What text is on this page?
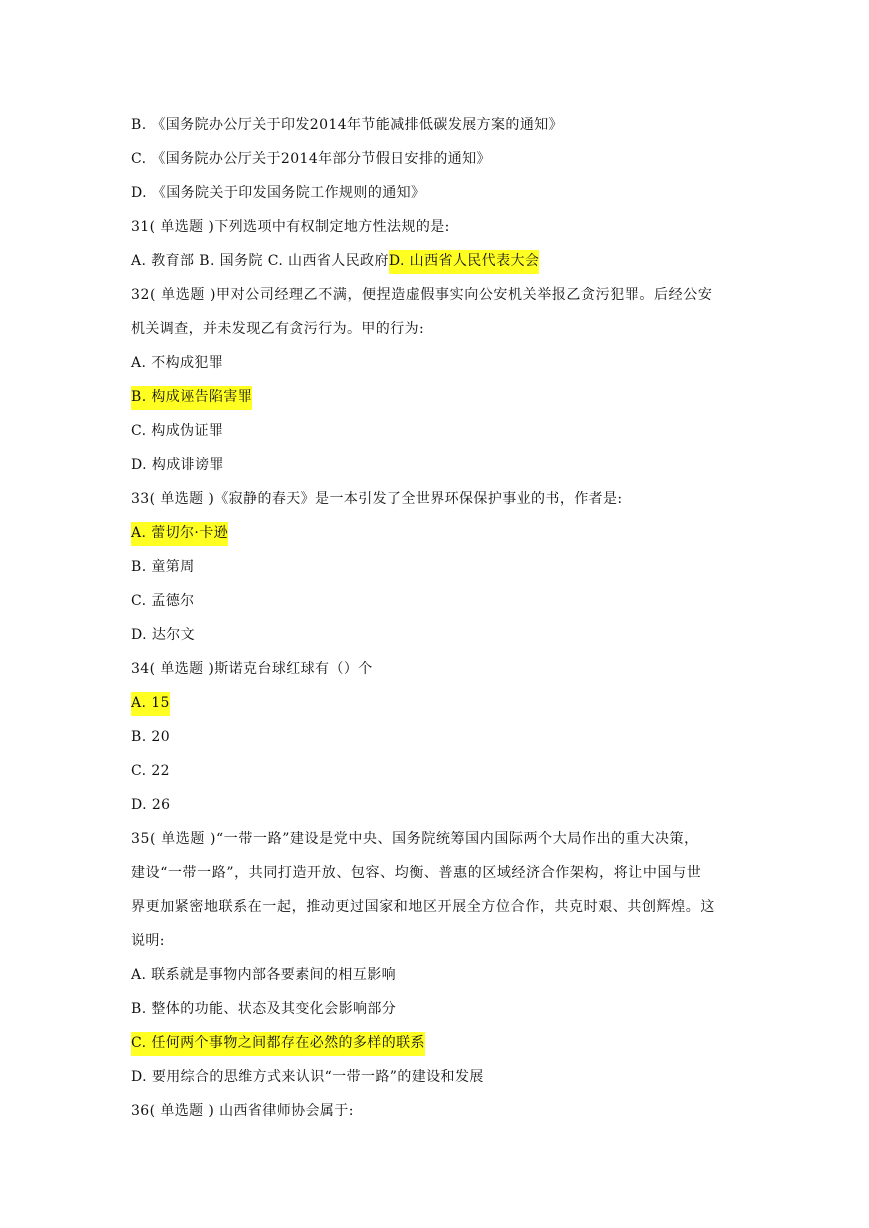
B. 《国务院办公厅关于印发2014年节能减排低碳发展方案的通知》
C. 《国务院办公厅关于2014年部分节假日安排的通知》
D. 《国务院关于印发国务院工作规则的通知》
31( 单选题 )下列选项中有权制定地方性法规的是:
A. 教育部 B. 国务院 C. 山西省人民政府D. 山西省人民代表大会
32( 单选题 )甲对公司经理乙不满，便捏造虚假事实向公安机关举报乙贪污犯罪。后经公安
机关调查，并未发现乙有贪污行为。甲的行为:
A. 不构成犯罪
B. 构成诬告陷害罪
C. 构成伪证罪
D. 构成诽谤罪
33( 单选题 )《寂静的春天》是一本引发了全世界环保保护事业的书，作者是:
A. 蕾切尔·卡逊
B. 童第周
C. 孟德尔
D. 达尔文
34( 单选题 )斯诺克台球红球有（）个
A. 15
B. 20
C. 22
D. 26
35( 单选题 )“一带一路”建设是党中央、国务院统筹国内国际两个大局作出的重大决策，
建设“一带一路”，共同打造开放、包容、均衡、普惠的区域经济合作架构，将让中国与世
界更加紧密地联系在一起，推动更过国家和地区开展全方位合作，共克时艰、共创辉煌。这
说明:
A. 联系就是事物内部各要素间的相互影响
B. 整体的功能、状态及其变化会影响部分
C. 任何两个事物之间都存在必然的多样的联系
D. 要用综合的思维方式来认识“一带一路”的建设和发展
36( 单选题 ) 山西省律师协会属于:
